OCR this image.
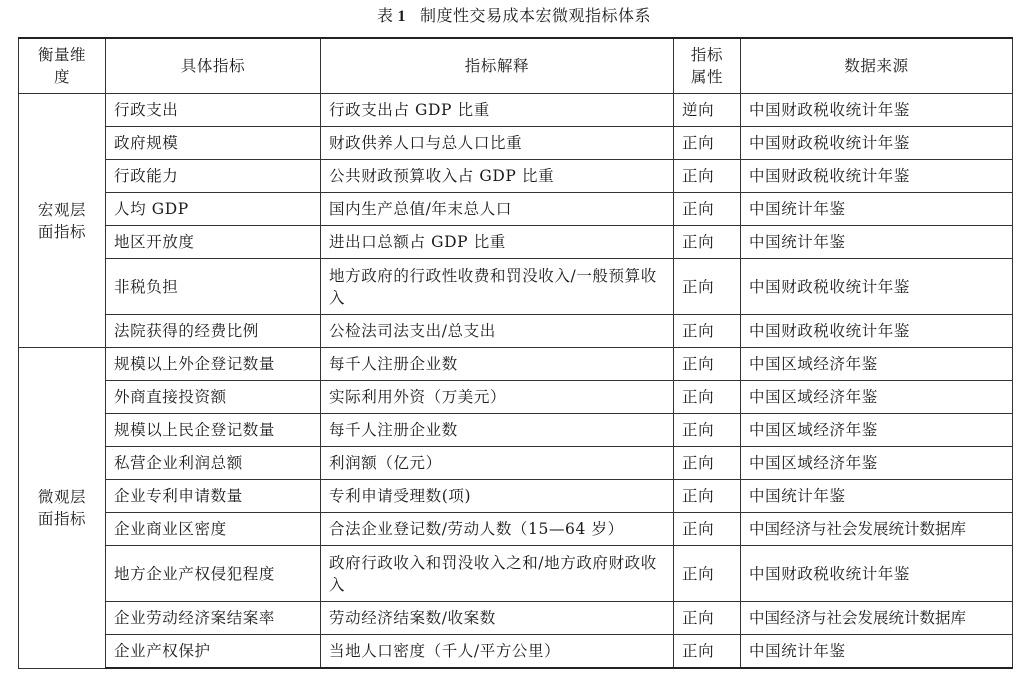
表 1 制度性交易成本宏微观指标体系
衡量维度	具体指标	指标解释	指标属性	数据来源
宏观层面指标	行政支出	行政支出占 GDP 比重	逆向	中国财政税收统计年鉴
	政府规模	财政供养人口与总人口比重	正向	中国财政税收统计年鉴
	行政能力	公共财政预算收入占 GDP 比重	正向	中国财政税收统计年鉴
	人均 GDP	国内生产总值/年末总人口	正向	中国统计年鉴
	地区开放度	进出口总额占 GDP 比重	正向	中国统计年鉴
	非税负担	地方政府的行政性收费和罚没收入/一般预算收入	正向	中国财政税收统计年鉴
	法院获得的经费比例	公检法司法支出/总支出	正向	中国财政税收统计年鉴
微观层面指标	规模以上外企登记数量	每千人注册企业数	正向	中国区域经济年鉴
	外商直接投资额	实际利用外资（万美元）	正向	中国区域经济年鉴
	规模以上民企登记数量	每千人注册企业数	正向	中国区域经济年鉴
	私营企业利润总额	利润额（亿元）	正向	中国区域经济年鉴
	企业专利申请数量	专利申请受理数(项)	正向	中国统计年鉴
	企业商业区密度	合法企业登记数/劳动人数（15—64 岁）	正向	中国经济与社会发展统计数据库
	地方企业产权侵犯程度	政府行政收入和罚没收入之和/地方政府财政收入	正向	中国财政税收统计年鉴
	企业劳动经济案结案率	劳动经济结案数/收案数	正向	中国经济与社会发展统计数据库
	企业产权保护	当地人口密度（千人/平方公里）	正向	中国统计年鉴
